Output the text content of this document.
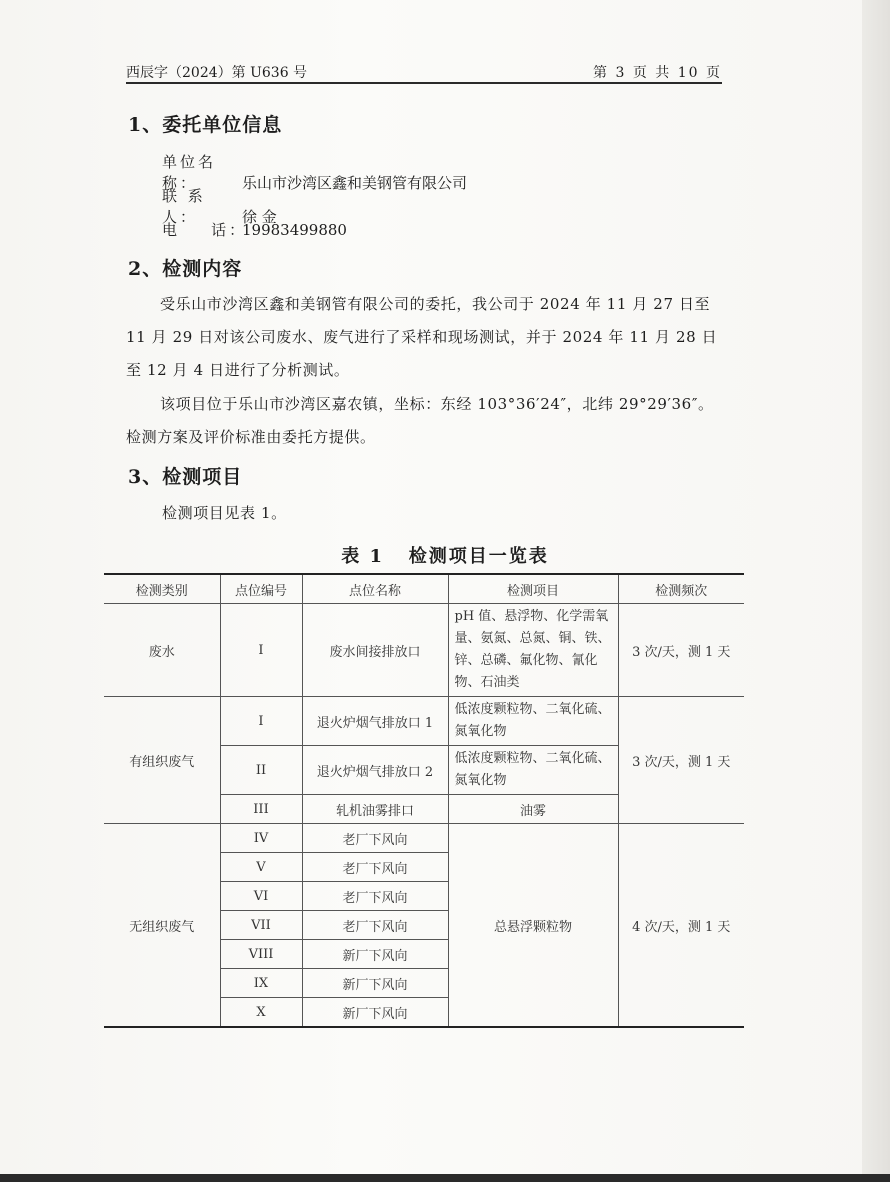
西辰字（2024）第 U636 号	第 3 页 共 10 页
1、委托单位信息
单位名称：	乐山市沙湾区鑫和美钢管有限公司
联 系 人：	徐 金
电    话：19983499880
2、检测内容
受乐山市沙湾区鑫和美钢管有限公司的委托，我公司于 2024 年 11 月 27 日至 11 月 29 日对该公司废水、废气进行了采样和现场测试，并于 2024 年 11 月 28 日至 12 月 4 日进行了分析测试。
该项目位于乐山市沙湾区嘉农镇，坐标：东经 103°36′24″，北纬 29°29′36″。检测方案及评价标准由委托方提供。
3、检测项目
检测项目见表 1。
表 1   检测项目一览表
检测类别	点位编号	点位名称	检测项目	检测频次
废水	I	废水间接排放口	pH 值、悬浮物、化学需氧量、氨氮、总氮、铜、铁、锌、总磷、氟化物、氰化物、石油类	3 次/天，测 1 天
有组织废气	I	退火炉烟气排放口 1	低浓度颗粒物、二氧化硫、氮氧化物	3 次/天，测 1 天
	II	退火炉烟气排放口 2	低浓度颗粒物、二氧化硫、氮氧化物	
	III	轧机油雾排口	油雾	
无组织废气	IV	老厂下风向	总悬浮颗粒物	4 次/天，测 1 天
	V	老厂下风向		
	VI	老厂下风向		
	VII	老厂下风向		
	VIII	新厂下风向		
	IX	新厂下风向		
	X	新厂下风向		
